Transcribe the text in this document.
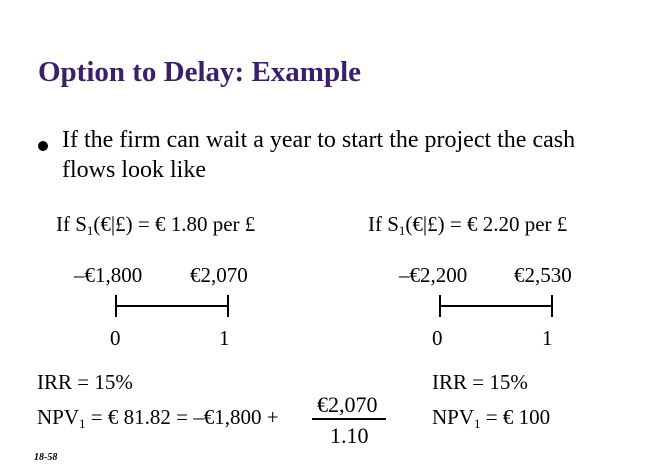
Option to Delay: Example
If the firm can wait a year to start the project the cash flows look like
If $S_1(€|£)$ = € 1.80 per £
–€1,800 €2,070
0	1
IRR = 15%
$NPV_1$ = € 81.82 = –€1,800 + €2,070
1.10
If $S_1(€|£)$ = € 2.20 per £
–€2,200 €2,530
0	1
IRR = 15%
$NPV_1$ = € 100
18-58
